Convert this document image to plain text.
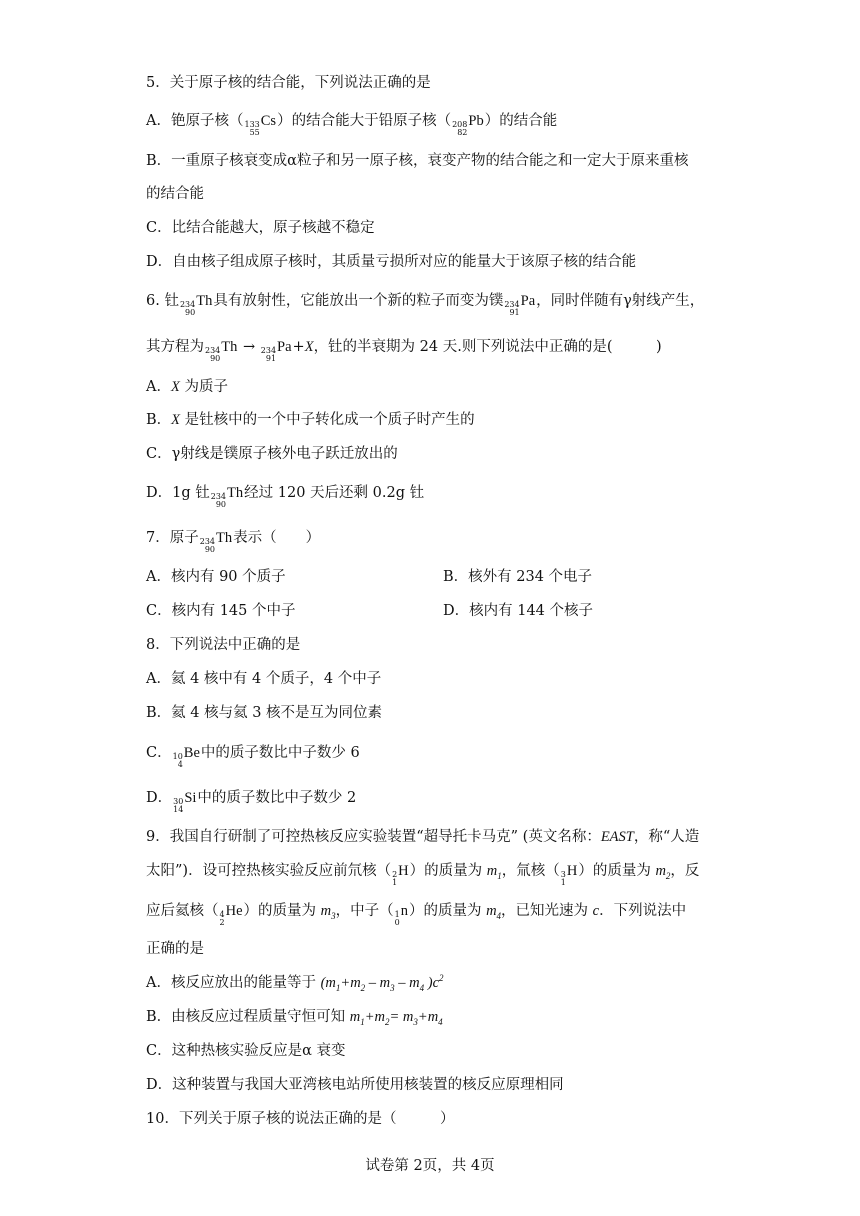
5．关于原子核的结合能，下列说法正确的是
A．铯原子核（ 133
55
Cs）的结合能大于铅原子核（ 208
82
Pb）的结合能
B．一重原子核衰变成α粒子和另一原子核，衰变产物的结合能之和一定大于原来重核
的结合能
C．比结合能越大，原子核越不稳定
D．自由核子组成原子核时，其质量亏损所对应的能量大于该原子核的结合能
6. 钍 234
90
Th具有放射性，它能放出一个新的粒子而变为镤 234
91
Pa，同时伴随有γ射线产生，
其方程为 234
90
Th → 234
91
Pa+X，钍的半衰期为 24 天.则下列说法中正确的是(　　　)
A．X 为质子
B．X 是钍核中的一个中子转化成一个质子时产生的
C．γ射线是镤原子核外电子跃迁放出的
D．1g 钍 234
90
Th经过 120 天后还剩 0.2g 钍
7．原子 234
90
Th表示（　　）
A．核内有 90 个质子	B．核外有 234 个电子
C．核内有 145 个中子	D．核内有 144 个核子
8．下列说法中正确的是
A．氦 4 核中有 4 个质子，4 个中子
B．氦 4 核与氦 3 核不是互为同位素
C． 10
4
Be中的质子数比中子数少 6
D． 30
14
Si中的质子数比中子数少 2
9．我国自行研制了可控热核反应实验装置“超导托卡马克” (英文名称：EAST，称“人造
太阳”)．设可控热核实验反应前氘核（ 2
1
H）的质量为 $m_1$，氚核（ 3
1
H）的质量为 $m_2$，反
应后氦核（ 4
2
He）的质量为 $m_3$，中子（ 1
0
n）的质量为 $m_4$，已知光速为 c．下列说法中
正确的是
A．核反应放出的能量等于 ($m_1+m_2 - m_3 - m_4$ )$c^2$
B．由核反应过程质量守恒可知 $m_1+m_2= m_3+m_4$
C．这种热核实验反应是α 衰变
D．这种装置与我国大亚湾核电站所使用核装置的核反应原理相同
10．下列关于原子核的说法正确的是（　　　）
试卷第 2页，共 4页
